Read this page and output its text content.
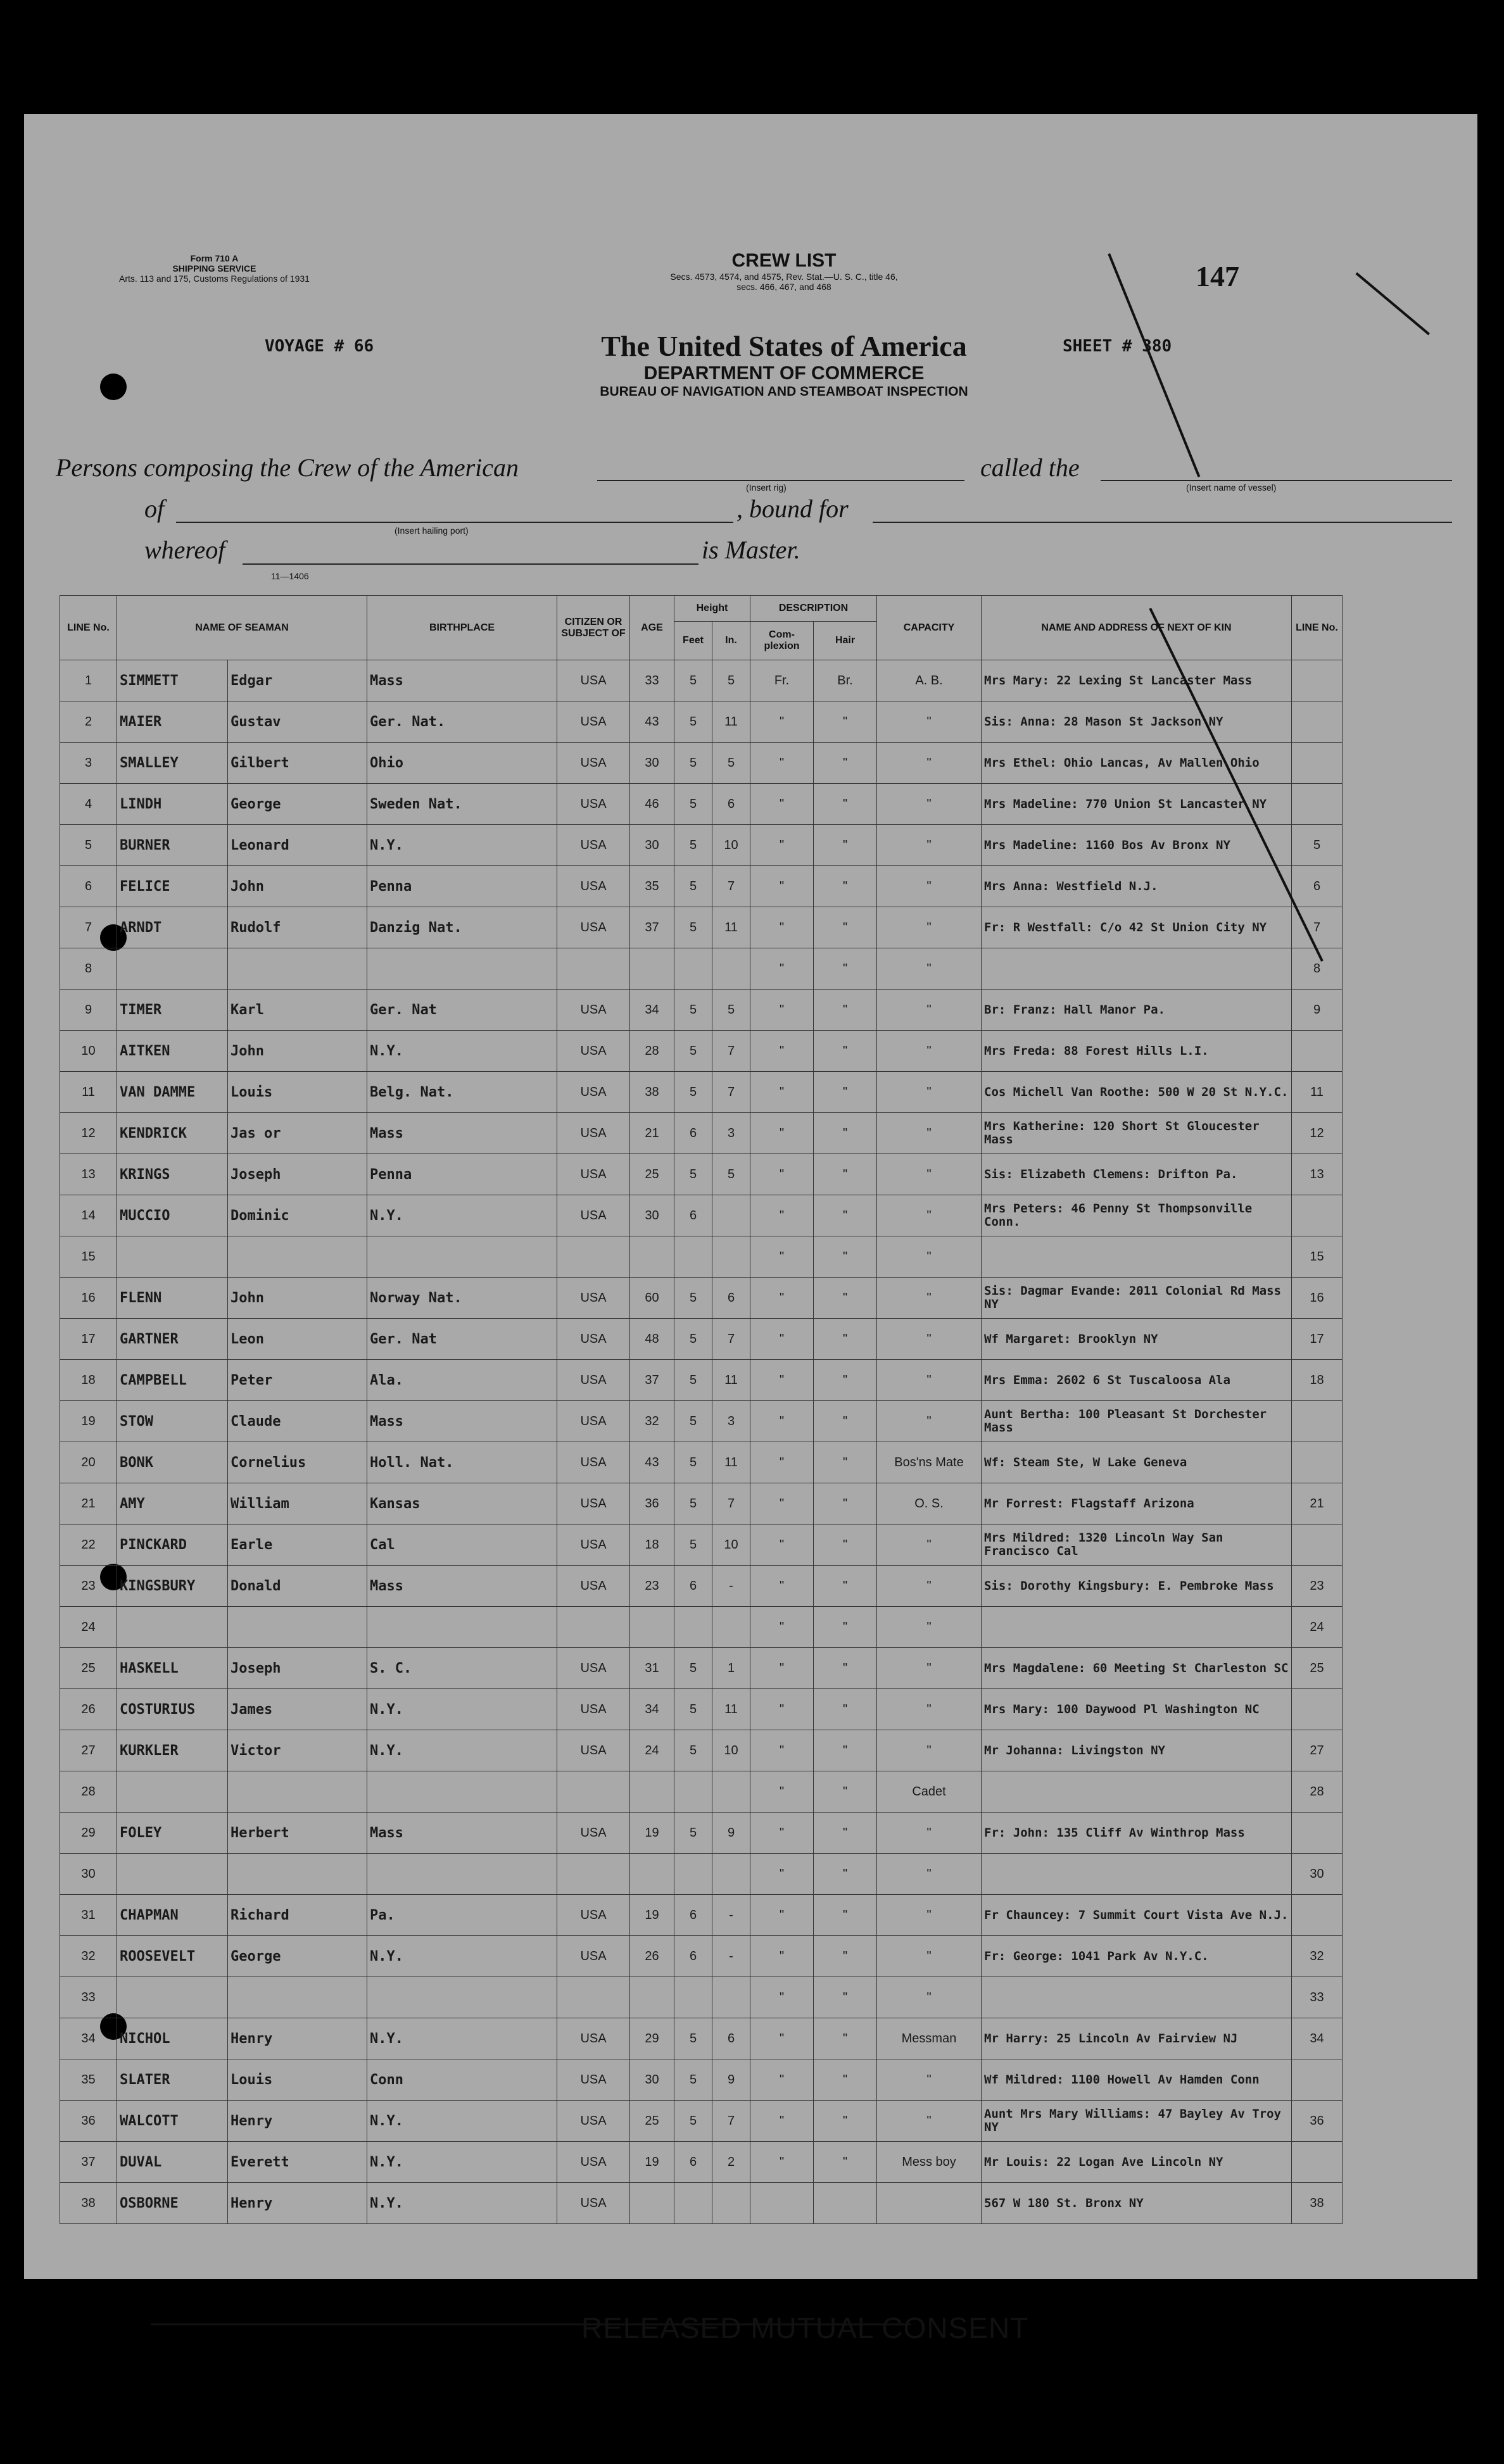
Form 710 A
SHIPPING SERVICE
Arts. 113 and 175, Customs Regulations of 1931
CREW LIST
Secs. 4573, 4574, and 4575, Rev. Stat.—U. S. C., title 46,
secs. 466, 467, and 468	147
VOYAGE # 66	SHEET # 380
The United States of America
DEPARTMENT OF COMMERCE
BUREAU OF NAVIGATION AND STEAMBOAT INSPECTION
Persons composing the Crew of the American
(Insert rig)
called the
(Insert name of vessel)
of
(Insert hailing port)
, bound for
whereof	is Master.
11—1406
LINE No.	NAME OF SEAMAN		BIRTHPLACE	CITIZEN OR SUBJECT OF	AGE	Height		DESCRIPTION		CAPACITY	NAME AND ADDRESS OF NEXT OF KIN	LINE No.
						Feet	In.	Com- plexion	Hair			
1	SIMMETT	Edgar	Mass	USA	33	5	5	Fr.	Br.	A. B.	Mrs Mary: 22 Lexing St Lancaster Mass	
2	MAIER	Gustav	Ger. Nat.	USA	43	5	11	"	"	"	Sis: Anna: 28 Mason St Jackson NY	
3	SMALLEY	Gilbert	Ohio	USA	30	5	5	"	"	"	Mrs Ethel: Ohio Lancas, Av Mallen Ohio	
4	LINDH	George	Sweden Nat.	USA	46	5	6	"	"	"	Mrs Madeline: 770 Union St Lancaster NY	
5	BURNER	Leonard	N.Y.	USA	30	5	10	"	"	"	Mrs Madeline: 1160 Bos Av Bronx NY	5
6	FELICE	John	Penna	USA	35	5	7	"	"	"	Mrs Anna: Westfield N.J.	6
7	ARNDT	Rudolf	Danzig Nat.	USA	37	5	11	"	"	"	Fr: R Westfall: C/o 42 St Union City NY	7
8								"	"	"		8
9	TIMER	Karl	Ger. Nat	USA	34	5	5	"	"	"	Br: Franz: Hall Manor Pa.	9
10	AITKEN	John	N.Y.	USA	28	5	7	"	"	"	Mrs Freda: 88 Forest Hills L.I.	
11	VAN DAMME	Louis	Belg. Nat.	USA	38	5	7	"	"	"	Cos Michell Van Roothe: 500 W 20 St N.Y.C.	11
12	KENDRICK	Jas or	Mass	USA	21	6	3	"	"	"	Mrs Katherine: 120 Short St Gloucester Mass	12
13	KRINGS	Joseph	Penna	USA	25	5	5	"	"	"	Sis: Elizabeth Clemens: Drifton Pa.	13
14	MUCCIO	Dominic	N.Y.	USA	30	6		"	"	"	Mrs Peters: 46 Penny St Thompsonville Conn.	
15								"	"	"		15
16	FLENN	John	Norway Nat.	USA	60	5	6	"	"	"	Sis: Dagmar Evande: 2011 Colonial Rd Mass NY	16
17	GARTNER	Leon	Ger. Nat	USA	48	5	7	"	"	"	Wf Margaret: Brooklyn NY	17
18	CAMPBELL	Peter	Ala.	USA	37	5	11	"	"	"	Mrs Emma: 2602 6 St Tuscaloosa Ala	18
19	STOW	Claude	Mass	USA	32	5	3	"	"	"	Aunt Bertha: 100 Pleasant St Dorchester Mass	
20	BONK	Cornelius	Holl. Nat.	USA	43	5	11	"	"	Bos'ns Mate	Wf: Steam Ste, W Lake Geneva	
21	AMY	William	Kansas	USA	36	5	7	"	"	O. S.	Mr Forrest: Flagstaff Arizona	21
22	PINCKARD	Earle	Cal	USA	18	5	10	"	"	"	Mrs Mildred: 1320 Lincoln Way San Francisco Cal	
23	KINGSBURY	Donald	Mass	USA	23	6	-	"	"	"	Sis: Dorothy Kingsbury: E. Pembroke Mass	23
24								"	"	"		24
25	HASKELL	Joseph	S. C.	USA	31	5	1	"	"	"	Mrs Magdalene: 60 Meeting St Charleston SC	25
26	COSTURIUS	James	N.Y.	USA	34	5	11	"	"	"	Mrs Mary: 100 Daywood Pl Washington NC	
27	KURKLER	Victor	N.Y.	USA	24	5	10	"	"	"	Mr Johanna: Livingston NY	27
28								"	"	Cadet		28
29	FOLEY	Herbert	Mass	USA	19	5	9	"	"	"	Fr: John: 135 Cliff Av Winthrop Mass	
30								"	"	"		30
31	CHAPMAN	Richard	Pa.	USA	19	6	-	"	"	"	Fr Chauncey: 7 Summit Court Vista Ave N.J.	
32	ROOSEVELT	George	N.Y.	USA	26	6	-	"	"	"	Fr: George: 1041 Park Av N.Y.C.	32
33								"	"	"		33
34	NICHOL	Henry	N.Y.	USA	29	5	6	"	"	Messman	Mr Harry: 25 Lincoln Av Fairview NJ	34
35	SLATER	Louis	Conn	USA	30	5	9	"	"	"	Wf Mildred: 1100 Howell Av Hamden Conn	
36	WALCOTT	Henry	N.Y.	USA	25	5	7	"	"	"	Aunt Mrs Mary Williams: 47 Bayley Av Troy NY	36
37	DUVAL	Everett	N.Y.	USA	19	6	2	"	"	Mess boy	Mr Louis: 22 Logan Ave Lincoln NY	
38	OSBORNE	Henry	N.Y.	USA							567 W 180 St. Bronx NY	38
RELEASED MUTUAL CONSENT
